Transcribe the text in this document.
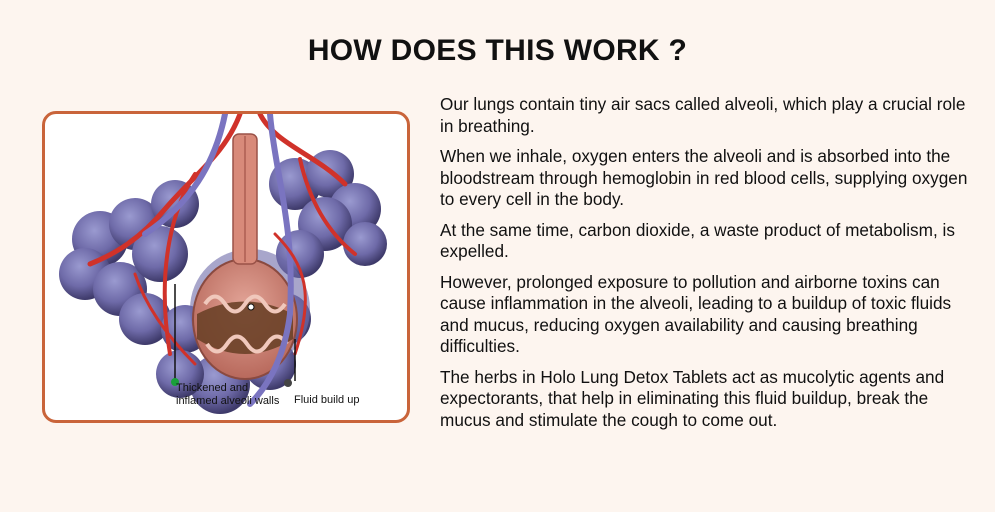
HOW DOES THIS WORK ?
Thickened and inflamed alveoli walls	Fluid build up

Our lungs contain tiny air sacs called alveoli, which play a crucial role in breathing.

When we inhale, oxygen enters the alveoli and is absorbed into the bloodstream through hemoglobin in red blood cells, supplying oxygen to every cell in the body.

At the same time, carbon dioxide, a waste product of metabolism, is expelled.

However, prolonged exposure to pollution and airborne toxins can cause inflammation in the alveoli, leading to a buildup of toxic fluids and mucus, reducing oxygen availability and causing breathing difficulties.

The herbs in Holo Lung Detox Tablets act as mucolytic agents and expectorants, that help in eliminating this fluid buildup, break the mucus and stimulate the cough to come out.
